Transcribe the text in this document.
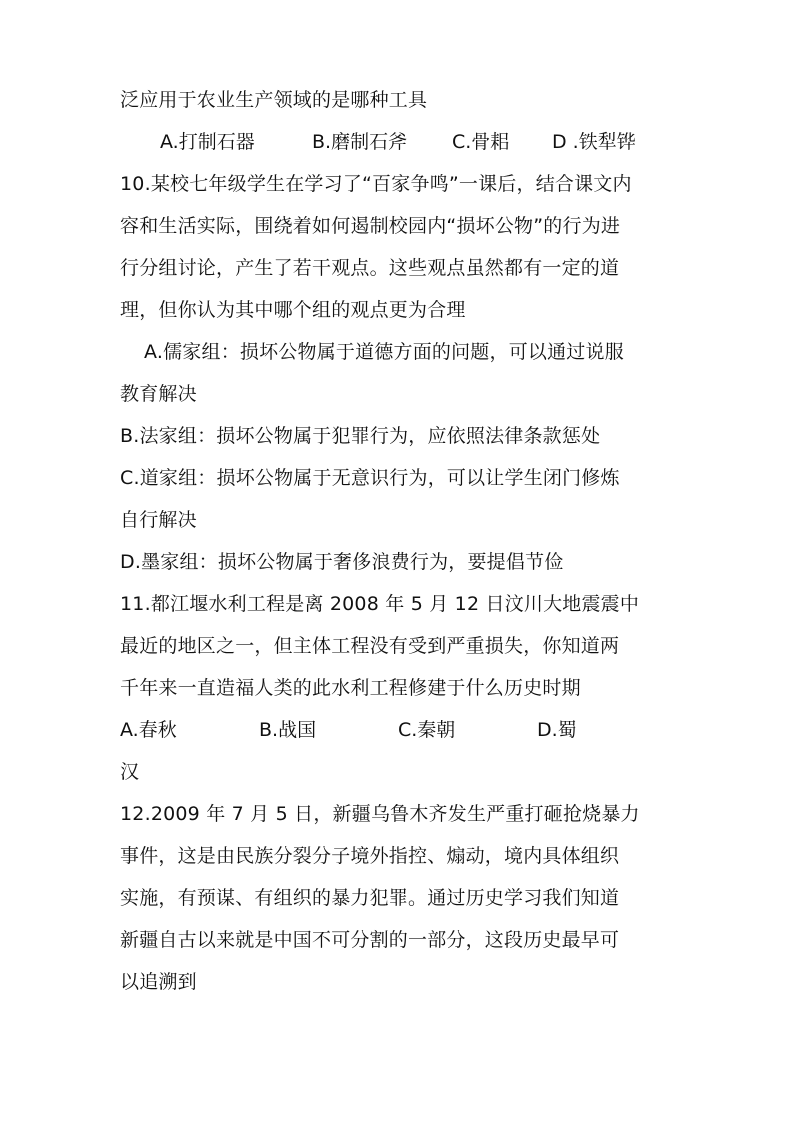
泛应用于农业生产领域的是哪种工具
A.打制石器	B.磨制石斧 C.骨耜 D .铁犁铧
10.某校七年级学生在学习了“百家争鸣”一课后，结合课文内
容和生活实际，围绕着如何遏制校园内“损坏公物”的行为进
行分组讨论，产生了若干观点。这些观点虽然都有一定的道
理，但你认为其中哪个组的观点更为合理
A.儒家组：损坏公物属于道德方面的问题，可以通过说服
教育解决
B.法家组：损坏公物属于犯罪行为，应依照法律条款惩处
C.道家组：损坏公物属于无意识行为，可以让学生闭门修炼
自行解决
D.墨家组：损坏公物属于奢侈浪费行为，要提倡节俭
11.都江堰水利工程是离 2008 年 5 月 12 日汶川大地震震中
最近的地区之一，但主体工程没有受到严重损失，你知道两
千年来一直造福人类的此水利工程修建于什么历史时期
A.春秋	B.战国	C.秦朝	D.蜀
汉
12.2009 年 7 月 5 日，新疆乌鲁木齐发生严重打砸抢烧暴力
事件，这是由民族分裂分子境外指控、煽动，境内具体组织
实施，有预谋、有组织的暴力犯罪。通过历史学习我们知道
新疆自古以来就是中国不可分割的一部分，这段历史最早可
以追溯到
